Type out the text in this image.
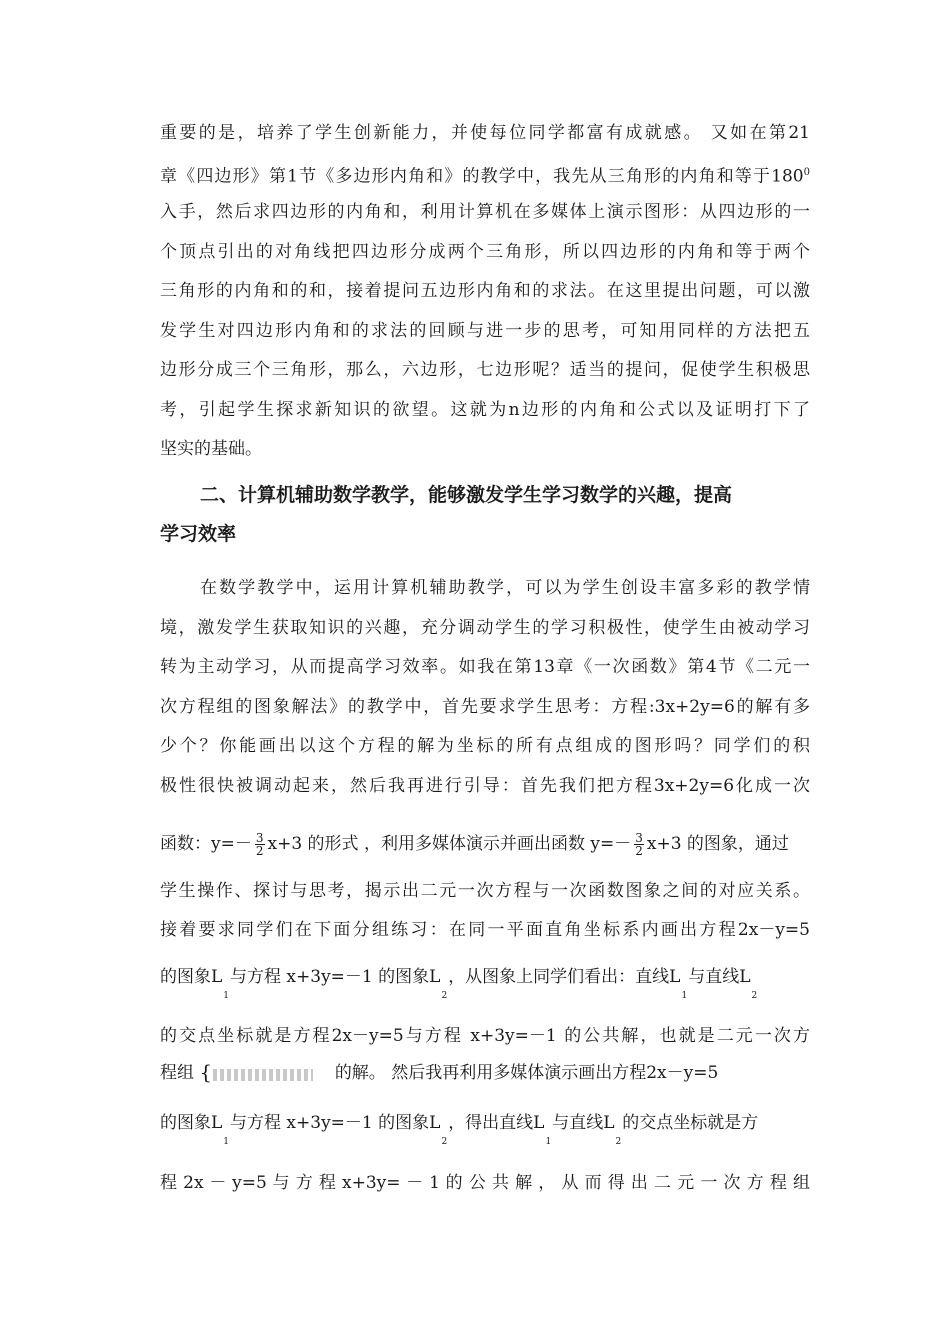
重要的是，培养了学生创新能力，并使每位同学都富有成就感。 又如在第21
章《四边形》第1节《多边形内角和》的教学中，我先从三角形的内角和等于$180^0$
入手，然后求四边形的内角和，利用计算机在多媒体上演示图形：从四边形的一
个顶点引出的对角线把四边形分成两个三角形，所以四边形的内角和等于两个
三角形的内角和的和，接着提问五边形内角和的求法。在这里提出问题，可以激
发学生对四边形内角和的求法的回顾与进一步的思考，可知用同样的方法把五
边形分成三个三角形，那么，六边形，七边形呢？适当的提问，促使学生积极思
考，引起学生探求新知识的欲望。这就为n边形的内角和公式以及证明打下了
坚实的基础。
二、计算机辅助数学教学，能够激发学生学习数学的兴趣，提高
学习效率
在数学教学中，运用计算机辅助教学，可以为学生创设丰富多彩的教学情
境，激发学生获取知识的兴趣，充分调动学生的学习积极性，使学生由被动学习
转为主动学习，从而提高学习效率。如我在第13章《一次函数》第4节《二元一
次方程组的图象解法》的教学中，首先要求学生思考：方程:3x+2y=6的解有多
少个？你能画出以这个方程的解为坐标的所有点组成的图形吗？同学们的积
极性很快被调动起来，然后我再进行引导：首先我们把方程3x+2y=6化成一次
函数：$y=- \frac{3}{2} x+3$ 的形式 ，利用多媒体演示并画出函数 $y=- \frac{3}{2} x+3$ 的图象，通过
学生操作、探讨与思考，揭示出二元一次方程与一次函数图象之间的对应关系。
接着要求同学们在下面分组练习：在同一平面直角坐标系内画出方程2x－y=5
的图象$L_1$与方程 x+3y=－1 的图象$L_2$，从图象上同学们看出：直线$L_1$与直线$L_2$
的交点坐标就是方程2x－y=5与方程 x+3y=－1 的公共解，也就是二元一次方
程组 {	的解。 然后我再利用多媒体演示画出方程2x－y=5
的图象$L_1$与方程 x+3y=－1 的图象$L_2$，得出直线$L_1$与直线$L_2$的交点坐标就是方
程 2x － y=5 与 方 程 x+3y= － 1 的 公 共 解 ， 从 而 得 出 二 元 一 次 方 程 组
